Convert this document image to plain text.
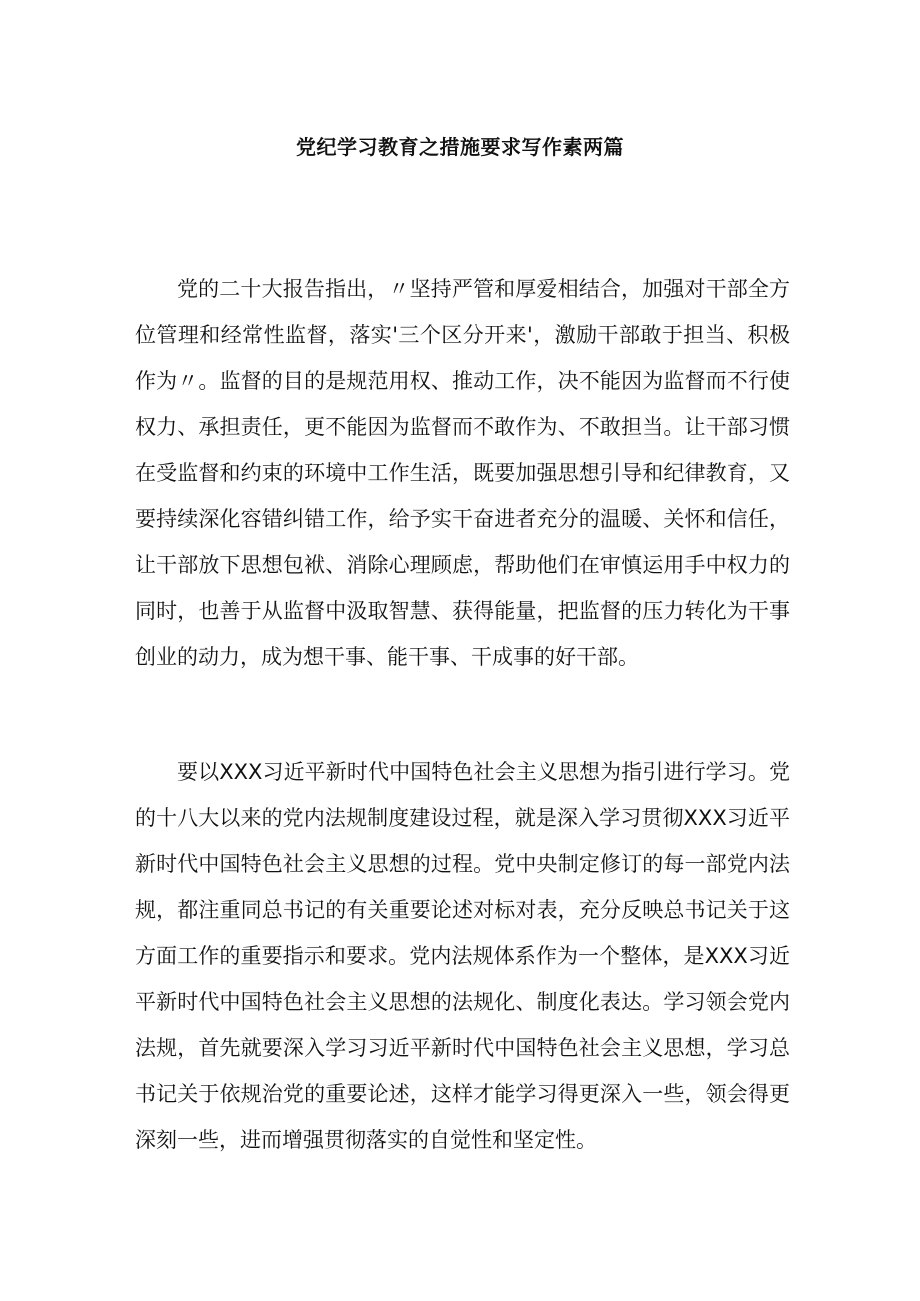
党纪学习教育之措施要求写作素两篇

党的二十大报告指出，〃坚持严管和厚爱相结合，加强对干部全方位管理和经常性监督，落实'三个区分开来'，激励干部敢于担当、积极作为〃。监督的目的是规范用权、推动工作，决不能因为监督而不行使权力、承担责任，更不能因为监督而不敢作为、不敢担当。让干部习惯在受监督和约束的环境中工作生活，既要加强思想引导和纪律教育，又要持续深化容错纠错工作，给予实干奋进者充分的温暖、关怀和信任，让干部放下思想包袱、消除心理顾虑，帮助他们在审慎运用手中权力的同时，也善于从监督中汲取智慧、获得能量，把监督的压力转化为干事创业的动力，成为想干事、能干事、干成事的好干部。

要以XXX习近平新时代中国特色社会主义思想为指引进行学习。党的十八大以来的党内法规制度建设过程，就是深入学习贯彻XXX习近平新时代中国特色社会主义思想的过程。党中央制定修订的每一部党内法规，都注重同总书记的有关重要论述对标对表，充分反映总书记关于这方面工作的重要指示和要求。党内法规体系作为一个整体，是XXX习近平新时代中国特色社会主义思想的法规化、制度化表达。学习领会党内法规，首先就要深入学习习近平新时代中国特色社会主义思想，学习总书记关于依规治党的重要论述，这样才能学习得更深入一些，领会得更深刻一些，进而增强贯彻落实的自觉性和坚定性。
